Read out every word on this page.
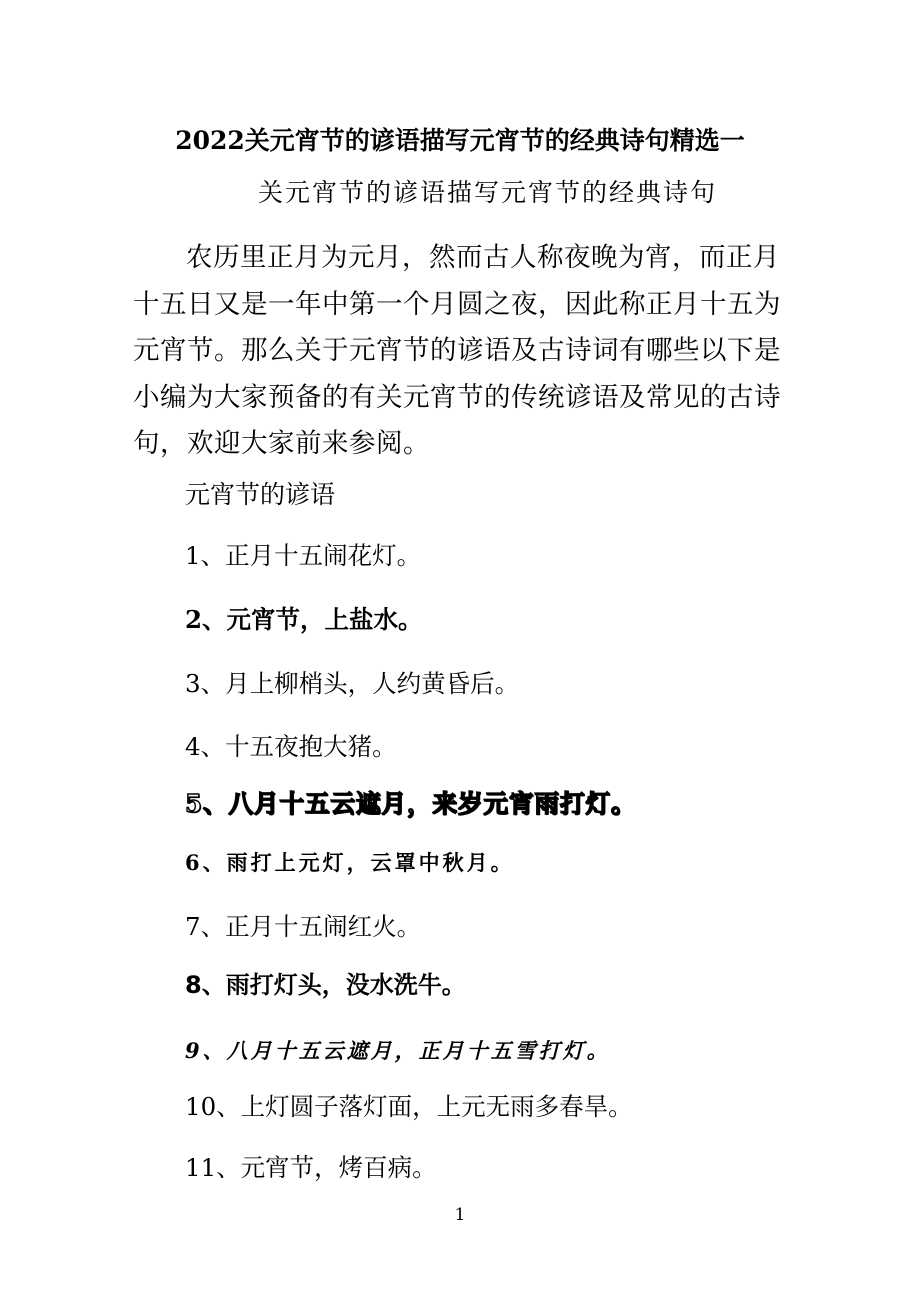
2022关元宵节的谚语描写元宵节的经典诗句精选一
关元宵节的谚语描写元宵节的经典诗句
农历里正月为元月，然而古人称夜晚为宵，而正月十五日又是一年中第一个月圆之夜，因此称正月十五为元宵节。那么关于元宵节的谚语及古诗词有哪些以下是小编为大家预备的有关元宵节的传统谚语及常见的古诗句，欢迎大家前来参阅。
元宵节的谚语
1、正月十五闹花灯。
2、元宵节，上盐水。
3、月上柳梢头，人约黄昏后。
4、十五夜抱大猪。
5、八月十五云遮月，来岁元宵雨打灯。
6、雨打上元灯，云罩中秋月。
7、正月十五闹红火。
8、雨打灯头，没水洗牛。
9、八月十五云遮月，正月十五雪打灯。
10、上灯圆子落灯面，上元无雨多春旱。
11、元宵节，烤百病。
1
